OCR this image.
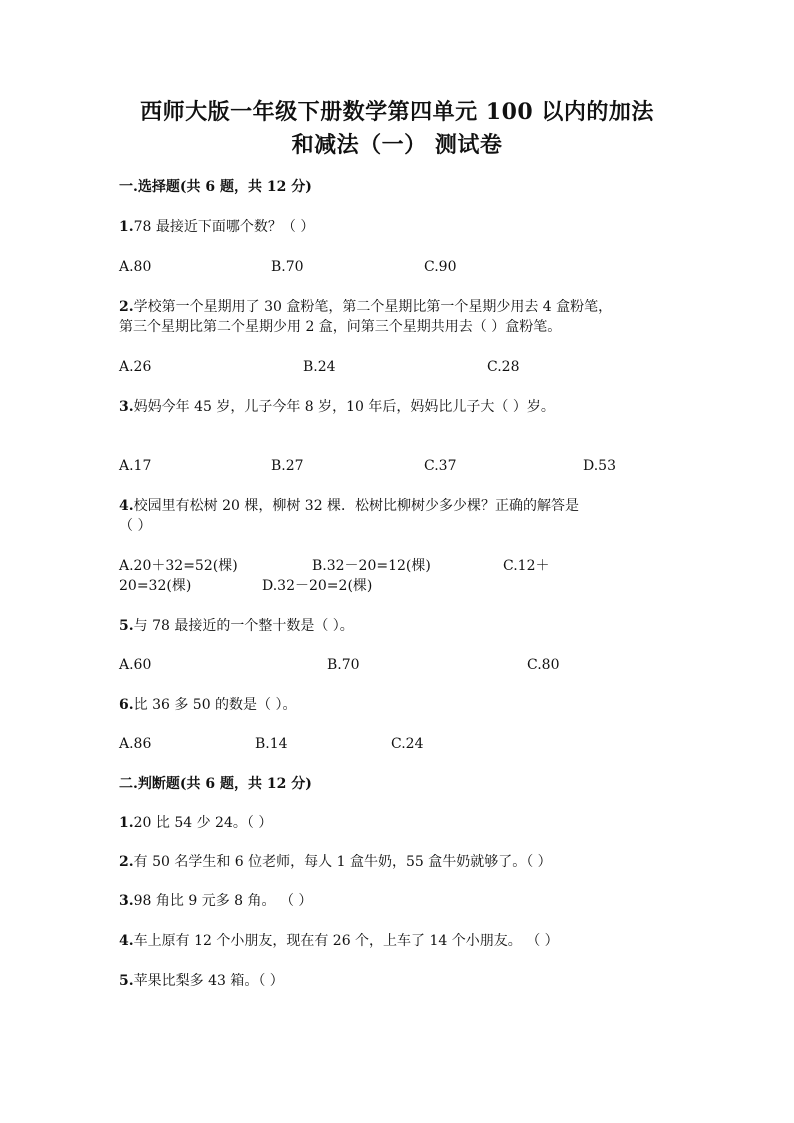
西师大版一年级下册数学第四单元 100 以内的加法
和减法（一） 测试卷
一.选择题(共 6 题，共 12 分)
1.78 最接近下面哪个数？（ ）
A.80	B.70	C.90
2.学校第一个星期用了 30 盒粉笔，第二个星期比第一个星期少用去 4 盒粉笔，
第三个星期比第二个星期少用 2 盒，问第三个星期共用去（ ）盒粉笔。
A.26	B.24	C.28
3.妈妈今年 45 岁，儿子今年 8 岁，10 年后，妈妈比儿子大（ ）岁。
A.17	B.27	C.37	D.53
4.校园里有松树 20 棵，柳树 32 棵．松树比柳树少多少棵？正确的解答是
（ ）
A.20＋32=52(棵)	B.32－20=12(棵)	C.12＋
20=32(棵)	D.32－20=2(棵)
5.与 78 最接近的一个整十数是（ ）。
A.60	B.70	C.80
6.比 36 多 50 的数是（ ）。
A.86	B.14	C.24
二.判断题(共 6 题，共 12 分)
1.20 比 54 少 24。（ ）
2.有 50 名学生和 6 位老师，每人 1 盒牛奶，55 盒牛奶就够了。（ ）
3.98 角比 9 元多 8 角。 （ ）
4.车上原有 12 个小朋友，现在有 26 个，上车了 14 个小朋友。 （ ）
5.苹果比梨多 43 箱。（ ）
